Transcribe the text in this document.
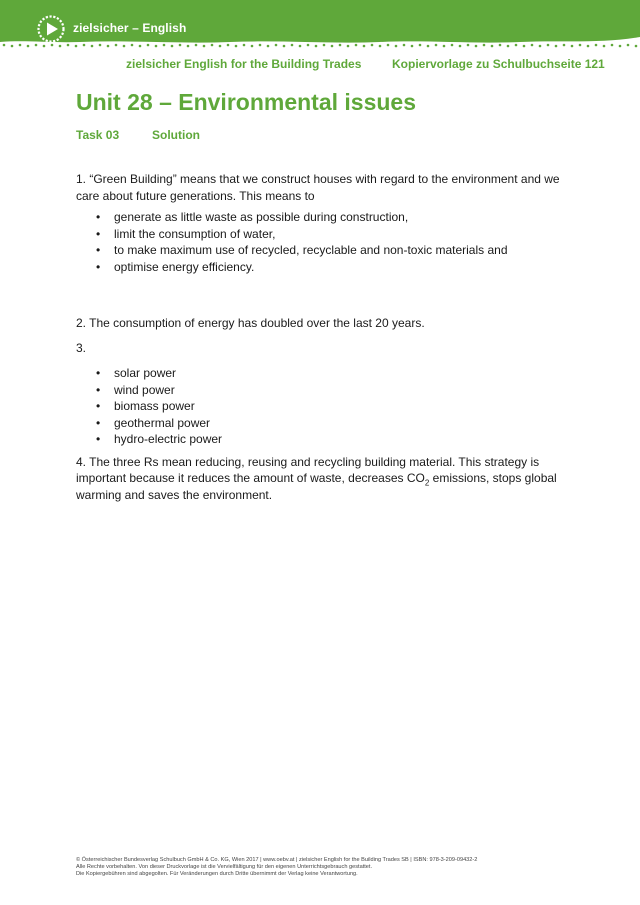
zielsicher – English
zielsicher English for the Building Trades	Kopiervorlage zu Schulbuchseite 121
Unit 28 – Environmental issues
Task 03	Solution

1. “Green Building” means that we construct houses with regard to the environment and we care about future generations. This means to

• generate as little waste as possible during construction,
• limit the consumption of water,
• to make maximum use of recycled, recyclable and non-toxic materials and
• optimise energy efficiency.

2. The consumption of energy has doubled over the last 20 years.

3.

• solar power
• wind power
• biomass power
• geothermal power
• hydro-electric power

4. The three Rs mean reducing, reusing and recycling building material. This strategy is important because it reduces the amount of waste, decreases $CO_2$ emissions, stops global warming and saves the environment.

© Österreichischer Bundesverlag Schulbuch GmbH & Co. KG, Wien 2017 | www.oebv.at | zielsicher English for the Building Trades SB | ISBN: 978-3-209-09432-2
Alle Rechte vorbehalten. Von dieser Druckvorlage ist die Vervielfältigung für den eigenen Unterrichtsgebrauch gestattet.
Die Kopiergebühren sind abgegolten. Für Veränderungen durch Dritte übernimmt der Verlag keine Verantwortung.
